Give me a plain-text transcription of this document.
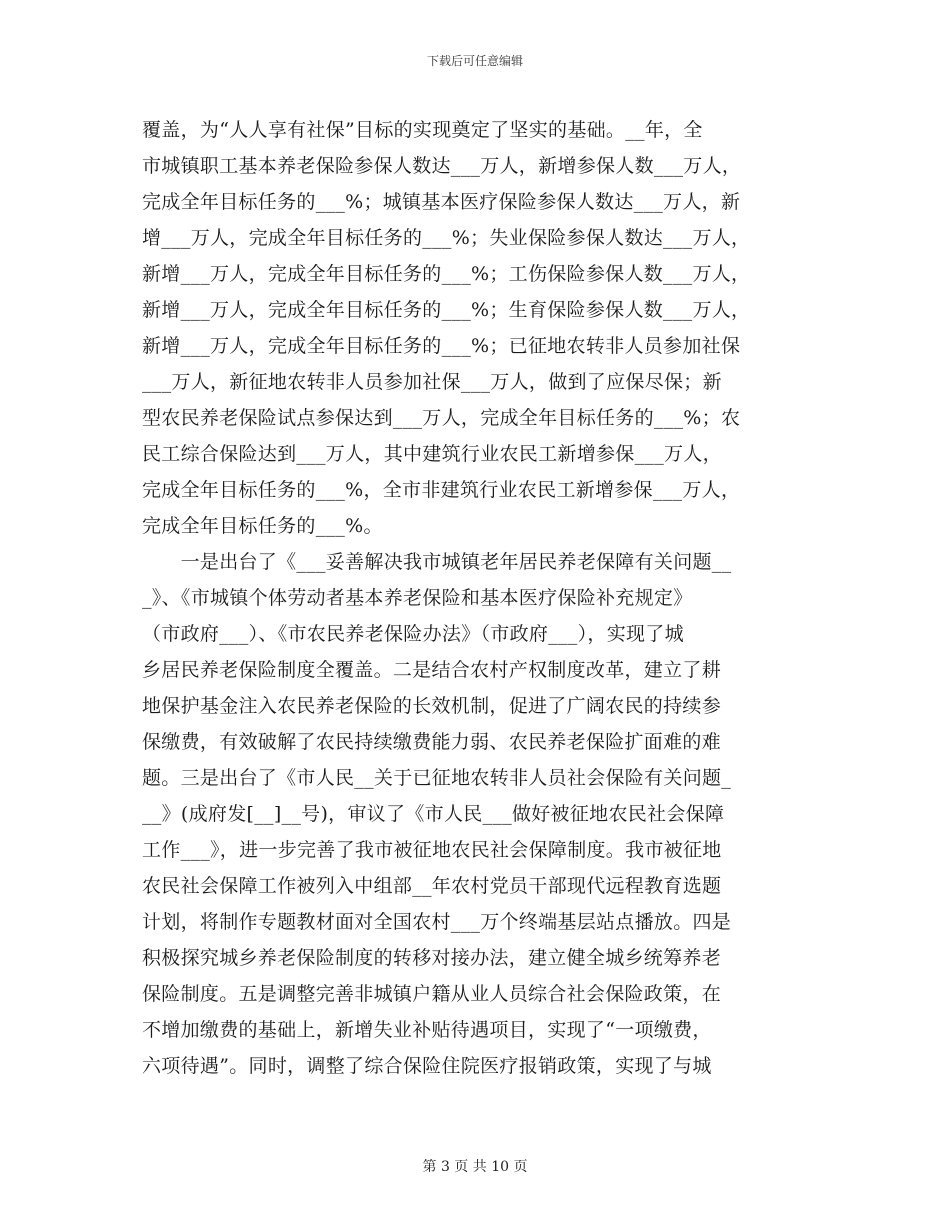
下载后可任意编辑
覆盖，为“人人享有社保”目标的实现奠定了坚实的基础。__年，全
市城镇职工基本养老保险参保人数达___万人，新增参保人数___万人，
完成全年目标任务的___%；城镇基本医疗保险参保人数达___万人，新
增___万人，完成全年目标任务的___%；失业保险参保人数达___万人，
新增___万人，完成全年目标任务的___%；工伤保险参保人数___万人，
新增___万人，完成全年目标任务的___%；生育保险参保人数___万人，
新增___万人，完成全年目标任务的___%；已征地农转非人员参加社保
___万人，新征地农转非人员参加社保___万人，做到了应保尽保；新
型农民养老保险试点参保达到___万人，完成全年目标任务的___%；农
民工综合保险达到___万人，其中建筑行业农民工新增参保___万人，
完成全年目标任务的___%，全市非建筑行业农民工新增参保___万人，
完成全年目标任务的___%。
　　一是出台了《___妥善解决我市城镇老年居民养老保障有关问题__
_》、《市城镇个体劳动者基本养老保险和基本医疗保险补充规定》
（市政府___）、《市农民养老保险办法》（市政府___），实现了城
乡居民养老保险制度全覆盖。二是结合农村产权制度改革，建立了耕
地保护基金注入农民养老保险的长效机制，促进了广阔农民的持续参
保缴费，有效破解了农民持续缴费能力弱、农民养老保险扩面难的难
题。三是出台了《市人民__关于已征地农转非人员社会保险有关问题_
__》(成府发[__]__号)，审议了《市人民___做好被征地农民社会保障
工作___》，进一步完善了我市被征地农民社会保障制度。我市被征地
农民社会保障工作被列入中组部__年农村党员干部现代远程教育选题
计划，将制作专题教材面对全国农村___万个终端基层站点播放。四是
积极探究城乡养老保险制度的转移对接办法，建立健全城乡统筹养老
保险制度。五是调整完善非城镇户籍从业人员综合社会保险政策，在
不增加缴费的基础上，新增失业补贴待遇项目，实现了“一项缴费，
六项待遇”。同时，调整了综合保险住院医疗报销政策，实现了与城
第 3 页 共 10 页
